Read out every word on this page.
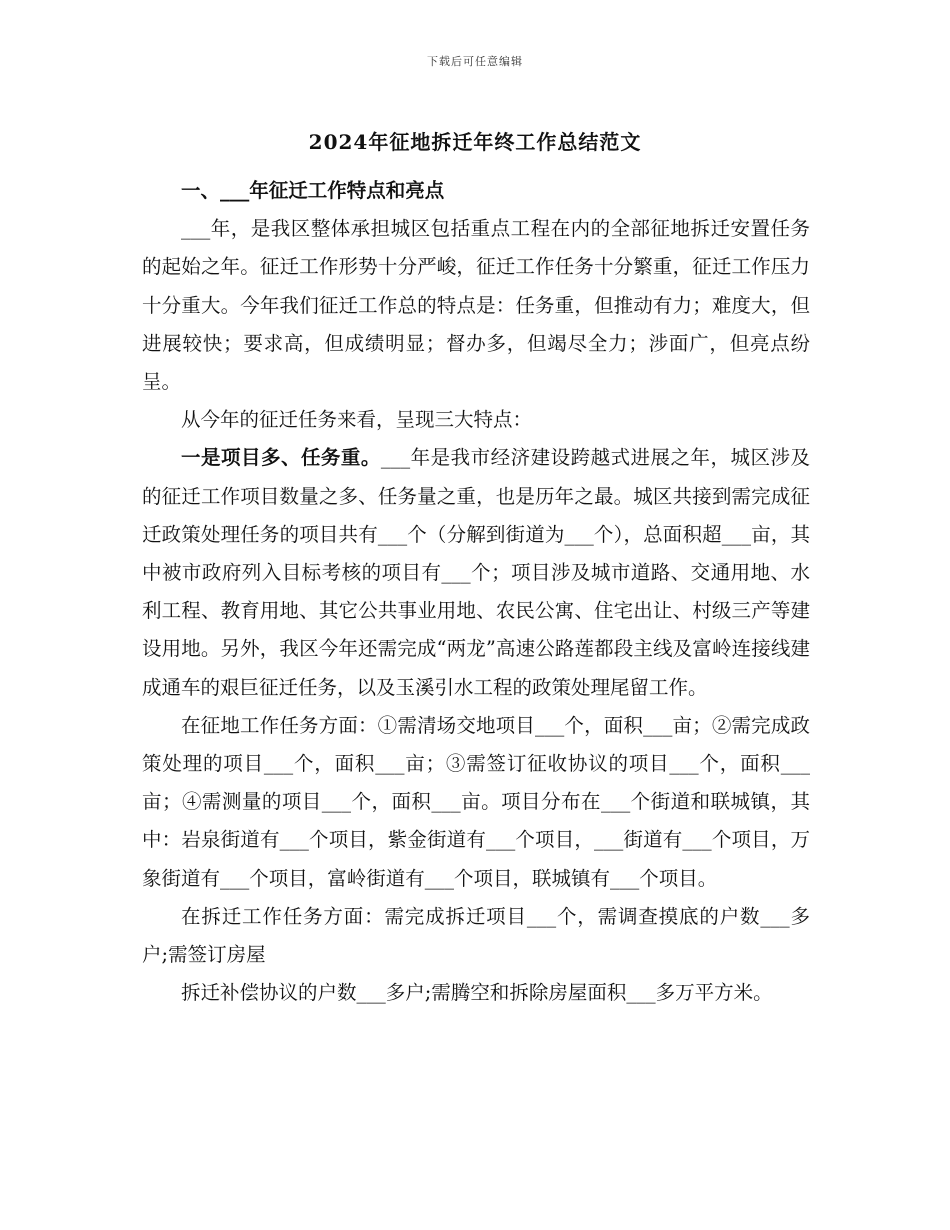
下载后可任意编辑
2024年征地拆迁年终工作总结范文

一、___年征迁工作特点和亮点

___年，是我区整体承担城区包括重点工程在内的全部征地拆迁安置任务的起始之年。征迁工作形势十分严峻，征迁工作任务十分繁重，征迁工作压力十分重大。今年我们征迁工作总的特点是：任务重，但推动有力；难度大，但进展较快；要求高，但成绩明显；督办多，但竭尽全力；涉面广，但亮点纷呈。

从今年的征迁任务来看，呈现三大特点：

一是项目多、任务重。___年是我市经济建设跨越式进展之年，城区涉及的征迁工作项目数量之多、任务量之重，也是历年之最。城区共接到需完成征迁政策处理任务的项目共有___个（分解到街道为___个），总面积超___亩，其中被市政府列入目标考核的项目有___个；项目涉及城市道路、交通用地、水利工程、教育用地、其它公共事业用地、农民公寓、住宅出让、村级三产等建设用地。另外，我区今年还需完成“两龙”高速公路莲都段主线及富岭连接线建成通车的艰巨征迁任务，以及玉溪引水工程的政策处理尾留工作。

在征地工作任务方面：①需清场交地项目___个，面积___亩；②需完成政策处理的项目___个，面积___亩；③需签订征收协议的项目___个，面积___亩；④需测量的项目___个，面积___亩。项目分布在___个街道和联城镇，其中：岩泉街道有___个项目，紫金街道有___个项目，___街道有___个项目，万象街道有___个项目，富岭街道有___个项目，联城镇有___个项目。

在拆迁工作任务方面：需完成拆迁项目___个，需调查摸底的户数___多户;需签订房屋

拆迁补偿协议的户数___多户;需腾空和拆除房屋面积___多万平方米。
